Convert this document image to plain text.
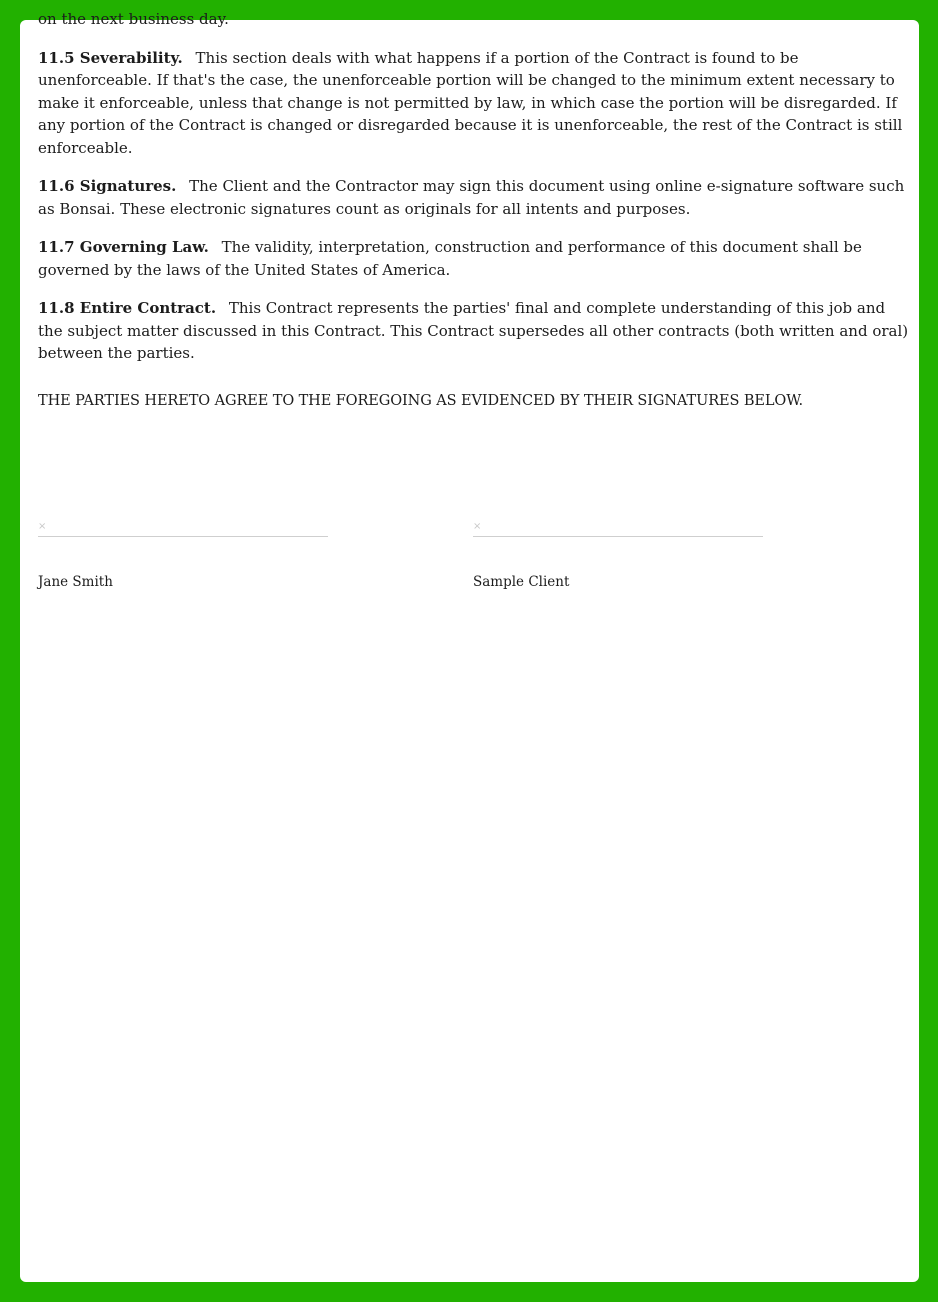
on the next business day.

11.5 Severability. This section deals with what happens if a portion of the Contract is found to be unenforceable. If that's the case, the unenforceable portion will be changed to the minimum extent necessary to make it enforceable, unless that change is not permitted by law, in which case the portion will be disregarded. If any portion of the Contract is changed or disregarded because it is unenforceable, the rest of the Contract is still enforceable.

11.6 Signatures. The Client and the Contractor may sign this document using online e-signature software such as Bonsai. These electronic signatures count as originals for all intents and purposes.

11.7 Governing Law. The validity, interpretation, construction and performance of this document shall be governed by the laws of the United States of America.

11.8 Entire Contract. This Contract represents the parties' final and complete understanding of this job and the subject matter discussed in this Contract. This Contract supersedes all other contracts (both written and oral) between the parties.

THE PARTIES HERETO AGREE TO THE FOREGOING AS EVIDENCED BY THEIR SIGNATURES BELOW.
×
Jane Smith
×
Sample Client
